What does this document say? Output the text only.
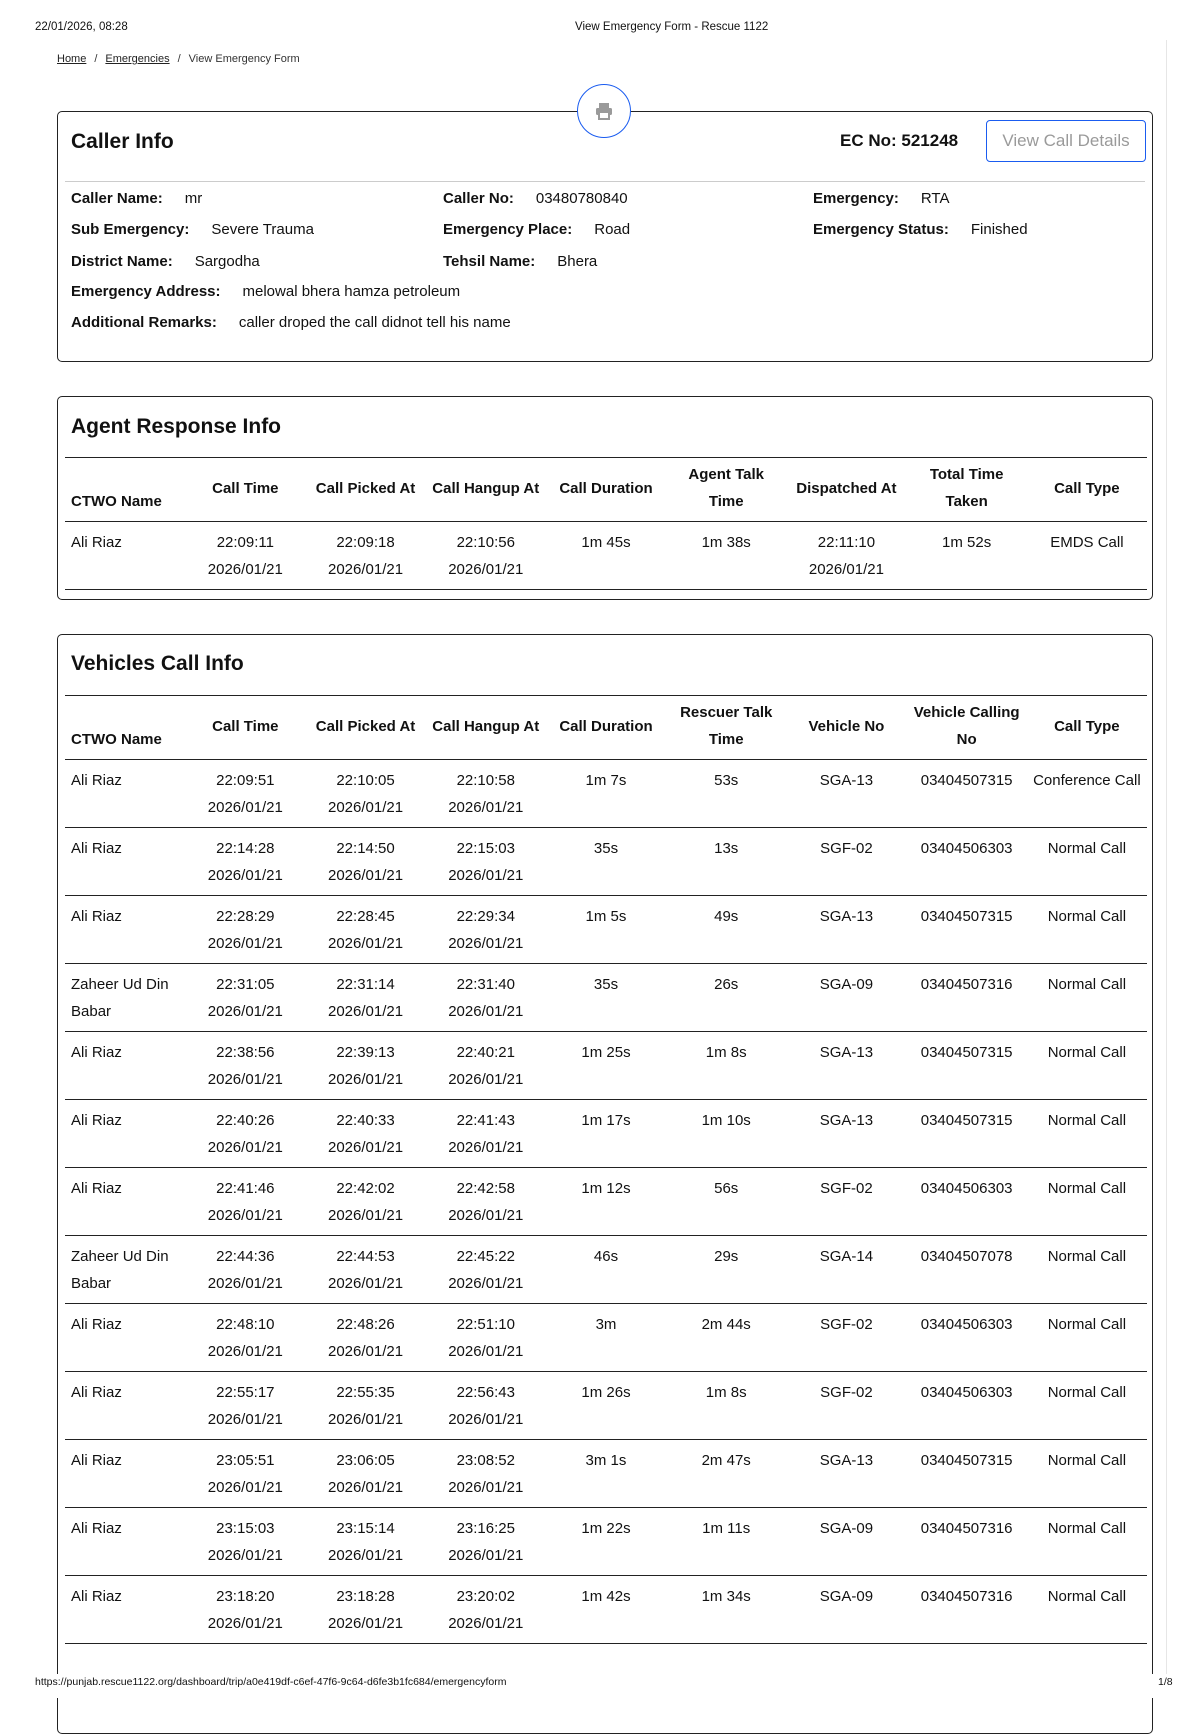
22/01/2026, 08:28	View Emergency Form - Rescue 1122
Home / Emergencies / View Emergency Form
Caller Info	EC No: 521248	View Call Details
Caller Name: mr	Caller No: 03480780840	Emergency: RTA
Sub Emergency: Severe Trauma	Emergency Place: Road	Emergency Status: Finished
District Name: Sargodha	Tehsil Name: Bhera
Emergency Address: melowal bhera hamza petroleum
Additional Remarks: caller droped the call didnot tell his name
Agent Response Info
CTWO Name	Call Time	Call Picked At	Call Hangup At	Call Duration	Agent Talk Time	Dispatched At	Total Time Taken	Call Type
Ali Riaz	22:09:11 2026/01/21	22:09:18 2026/01/21	22:10:56 2026/01/21	1m 45s	1m 38s	22:11:10 2026/01/21	1m 52s	EMDS Call
Vehicles Call Info
CTWO Name	Call Time	Call Picked At	Call Hangup At	Call Duration	Rescuer Talk Time	Vehicle No	Vehicle Calling No	Call Type
Ali Riaz	22:09:51 2026/01/21	22:10:05 2026/01/21	22:10:58 2026/01/21	1m 7s	53s	SGA-13	03404507315	Conference Call
Ali Riaz	22:14:28 2026/01/21	22:14:50 2026/01/21	22:15:03 2026/01/21	35s	13s	SGF-02	03404506303	Normal Call
Ali Riaz	22:28:29 2026/01/21	22:28:45 2026/01/21	22:29:34 2026/01/21	1m 5s	49s	SGA-13	03404507315	Normal Call
Zaheer Ud Din Babar	22:31:05 2026/01/21	22:31:14 2026/01/21	22:31:40 2026/01/21	35s	26s	SGA-09	03404507316	Normal Call
Ali Riaz	22:38:56 2026/01/21	22:39:13 2026/01/21	22:40:21 2026/01/21	1m 25s	1m 8s	SGA-13	03404507315	Normal Call
Ali Riaz	22:40:26 2026/01/21	22:40:33 2026/01/21	22:41:43 2026/01/21	1m 17s	1m 10s	SGA-13	03404507315	Normal Call
Ali Riaz	22:41:46 2026/01/21	22:42:02 2026/01/21	22:42:58 2026/01/21	1m 12s	56s	SGF-02	03404506303	Normal Call
Zaheer Ud Din Babar	22:44:36 2026/01/21	22:44:53 2026/01/21	22:45:22 2026/01/21	46s	29s	SGA-14	03404507078	Normal Call
Ali Riaz	22:48:10 2026/01/21	22:48:26 2026/01/21	22:51:10 2026/01/21	3m	2m 44s	SGF-02	03404506303	Normal Call
Ali Riaz	22:55:17 2026/01/21	22:55:35 2026/01/21	22:56:43 2026/01/21	1m 26s	1m 8s	SGF-02	03404506303	Normal Call
Ali Riaz	23:05:51 2026/01/21	23:06:05 2026/01/21	23:08:52 2026/01/21	3m 1s	2m 47s	SGA-13	03404507315	Normal Call
Ali Riaz	23:15:03 2026/01/21	23:15:14 2026/01/21	23:16:25 2026/01/21	1m 22s	1m 11s	SGA-09	03404507316	Normal Call
Ali Riaz	23:18:20 2026/01/21	23:18:28 2026/01/21	23:20:02 2026/01/21	1m 42s	1m 34s	SGA-09	03404507316	Normal Call
https://punjab.rescue1122.org/dashboard/trip/a0e419df-c6ef-47f6-9c64-d6fe3b1fc684/emergencyform	1/8
